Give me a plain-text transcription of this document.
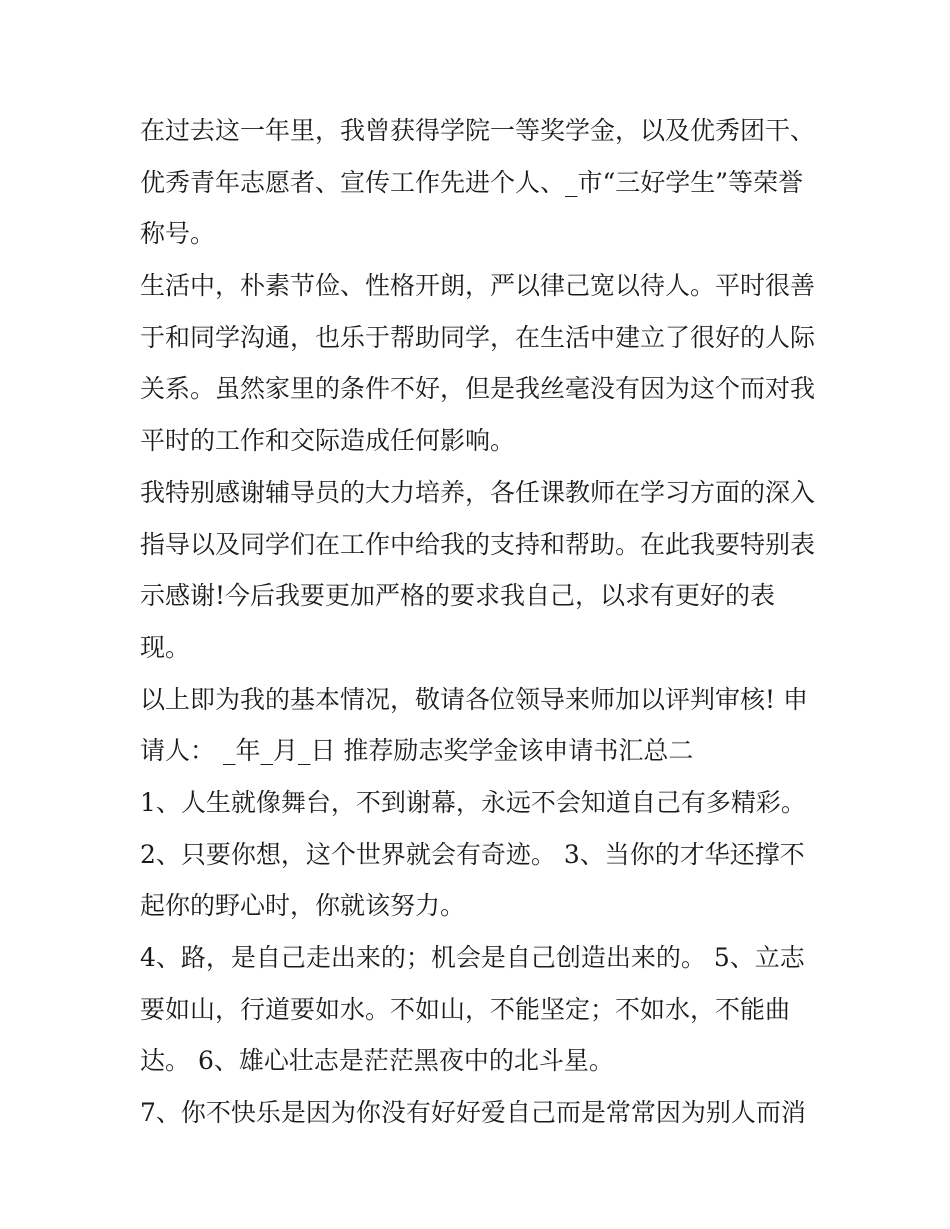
在过去这一年里，我曾获得学院一等奖学金，以及优秀团干、
优秀青年志愿者、宣传工作先进个人、_市“三好学生”等荣誉
称号。
生活中，朴素节俭、性格开朗，严以律己宽以待人。平时很善
于和同学沟通，也乐于帮助同学，在生活中建立了很好的人际
关系。虽然家里的条件不好，但是我丝毫没有因为这个而对我
平时的工作和交际造成任何影响。
我特别感谢辅导员的大力培养，各任课教师在学习方面的深入
指导以及同学们在工作中给我的支持和帮助。在此我要特别表
示感谢!今后我要更加严格的要求我自己，以求有更好的表
现。
以上即为我的基本情况，敬请各位领导来师加以评判审核! 申
请人： _年_月_日 推荐励志奖学金该申请书汇总二
1、人生就像舞台，不到谢幕，永远不会知道自己有多精彩。
2、只要你想，这个世界就会有奇迹。 3、当你的才华还撑不
起你的野心时，你就该努力。
4、路，是自己走出来的；机会是自己创造出来的。 5、立志
要如山，行道要如水。不如山，不能坚定；不如水，不能曲
达。 6、雄心壮志是茫茫黑夜中的北斗星。
7、你不快乐是因为你没有好好爱自己而是常常因为别人而消
